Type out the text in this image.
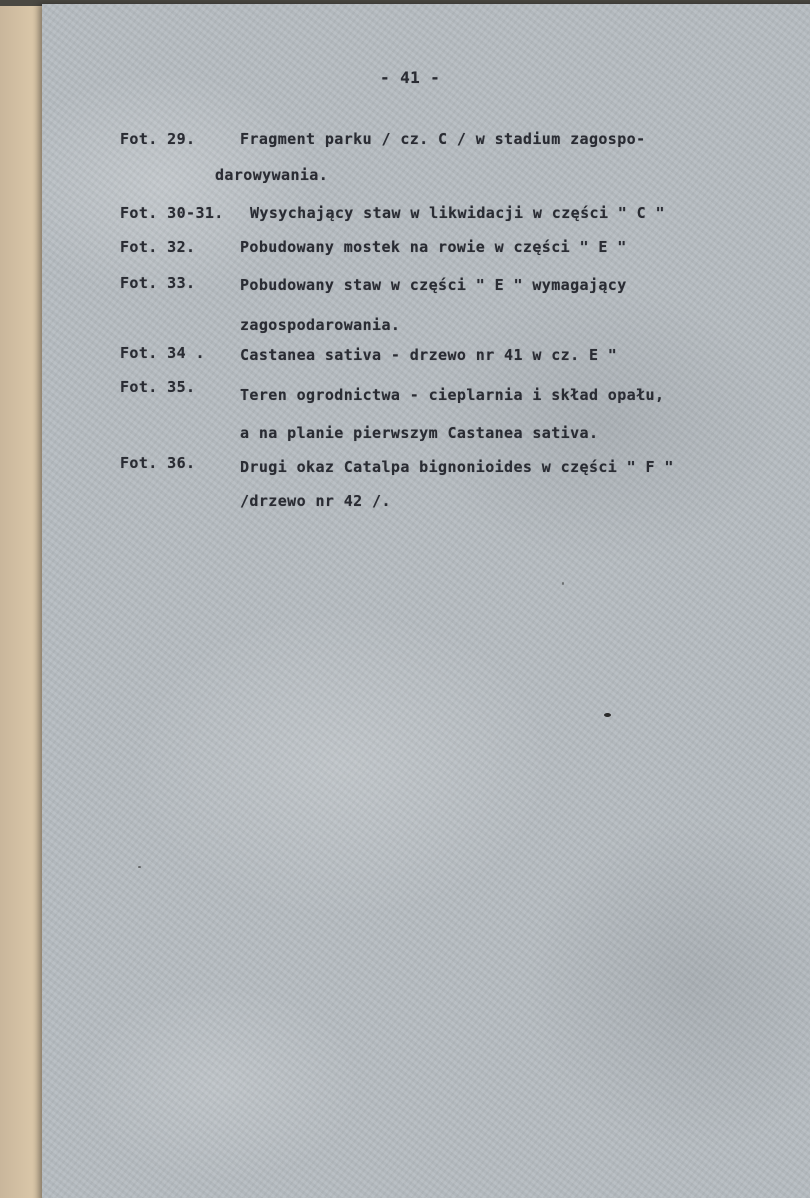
- 41 -
Fot. 29.	Fragment parku / cz. C / w stadium zagospo-
darowywania.
Fot. 30-31. Wysychający staw w likwidacji w części " C "
Fot. 32.	Pobudowany mostek na rowie w części " E "
Fot. 33.	Pobudowany staw w części " E " wymagający
zagospodarowania.
Fot. 34 . Castanea sativa - drzewo nr 41 w cz. E "
Fot. 35.	Teren ogrodnictwa - cieplarnia i skład opału,
a na planie pierwszym Castanea sativa.
Fot. 36.	Drugi okaz Catalpa bignonioides w części " F "
/drzewo nr 42 /.
